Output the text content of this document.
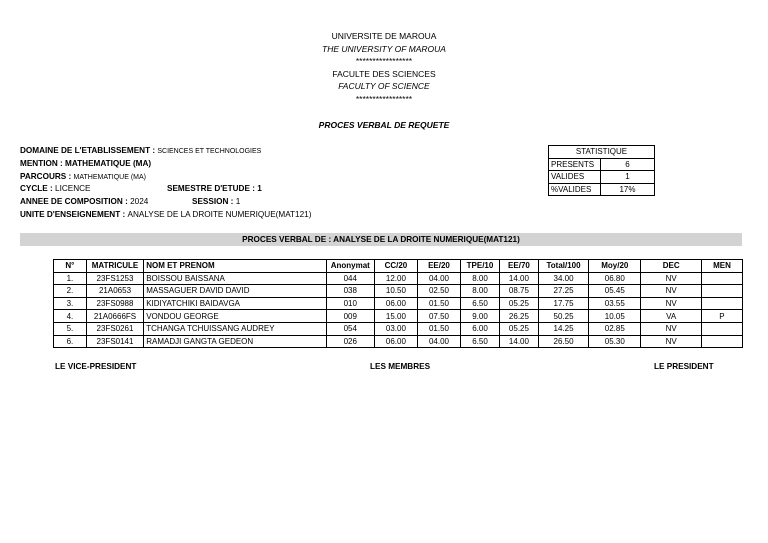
UNIVERSITE DE MAROUA
THE UNIVERSITY OF MAROUA
*****************
FACULTE DES SCIENCES
FACULTY OF SCIENCE
*****************
PROCES VERBAL DE REQUETE
DOMAINE DE L'ETABLISSEMENT : SCIENCES ET TECHNOLOGIES
MENTION : MATHEMATIQUE (MA)
PARCOURS : MATHEMATIQUE (MA)
CYCLE : LICENCE	SEMESTRE D'ETUDE : 1
ANNEE DE COMPOSITION : 2024	SESSION : 1
UNITE D'ENSEIGNEMENT : ANALYSE DE LA DROITE NUMERIQUE(MAT121)
STATISTIQUE	
PRESENTS	6
VALIDES	1
%VALIDES	17%
PROCES VERBAL DE : ANALYSE DE LA DROITE NUMERIQUE(MAT121)
N°	MATRICULE	NOM ET PRENOM	Anonymat	CC/20	EE/20	TPE/10	EE/70	Total/100	Moy/20	DEC	MEN
1.	23FS1253	BOISSOU BAISSANA	044	12.00	04.00	8.00	14.00	34.00	06.80	NV	
2.	21A0653	MASSAGUER DAVID DAVID	038	10.50	02.50	8.00	08.75	27.25	05.45	NV	
3.	23FS0988	KIDIYATCHIKI BAIDAVGA	010	06.00	01.50	6.50	05.25	17.75	03.55	NV	
4.	21A0666FS	VONDOU GEORGE	009	15.00	07.50	9.00	26.25	50.25	10.05	VA	P
5.	23FS0261	TCHANGA TCHUISSANG AUDREY	054	03.00	01.50	6.00	05.25	14.25	02.85	NV	
6.	23FS0141	RAMADJI GANGTA GEDEON	026	06.00	04.00	6.50	14.00	26.50	05.30	NV	
LE VICE-PRESIDENT	LES MEMBRES	LE PRESIDENT
